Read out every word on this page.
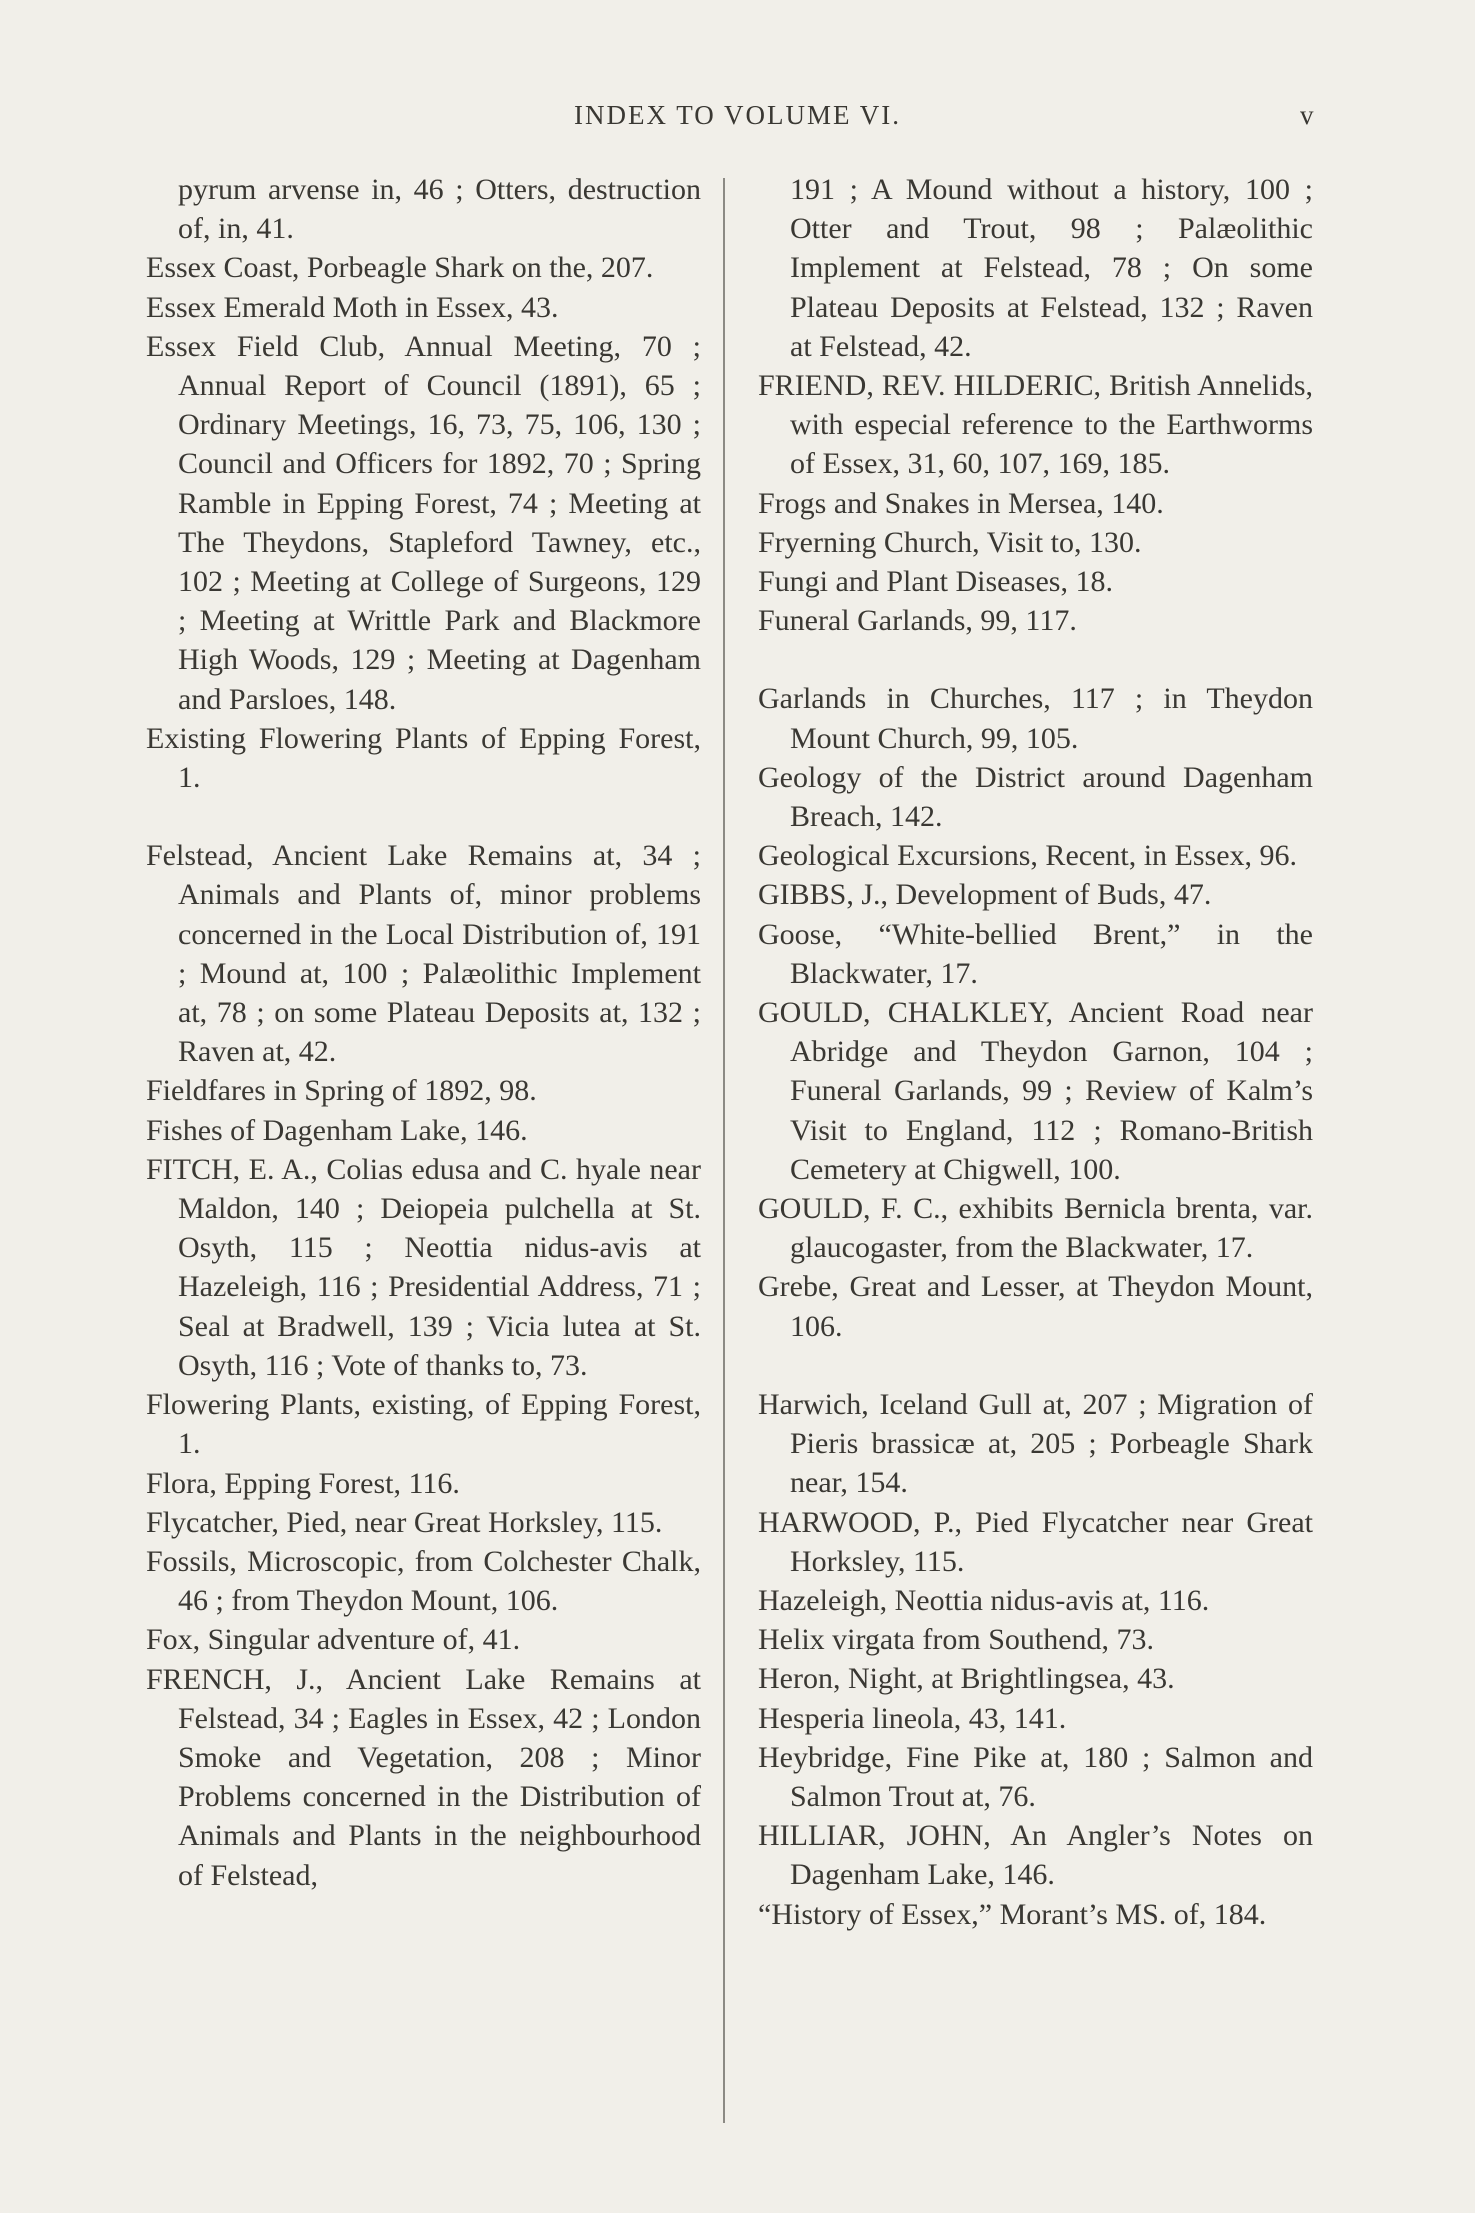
INDEX TO VOLUME VI.	v

pyrum arvense in, 46 ; Otters, destruction of, in, 41.

Essex Coast, Porbeagle Shark on the, 207.

Essex Emerald Moth in Essex, 43.

Essex Field Club, Annual Meeting, 70 ; Annual Report of Council (1891), 65 ; Ordinary Meetings, 16, 73, 75, 106, 130 ; Council and Officers for 1892, 70 ; Spring Ramble in Epping Forest, 74 ; Meeting at The Theydons, Stapleford Tawney, etc., 102 ; Meeting at College of Surgeons, 129 ; Meeting at Writtle Park and Blackmore High Woods, 129 ; Meeting at Dagenham and Parsloes, 148.

Existing Flowering Plants of Epping Forest, 1.

Felstead, Ancient Lake Remains at, 34 ; Animals and Plants of, minor problems concerned in the Local Distribution of, 191 ; Mound at, 100 ; Palæolithic Implement at, 78 ; on some Plateau Deposits at, 132 ; Raven at, 42.

Fieldfares in Spring of 1892, 98.

Fishes of Dagenham Lake, 146.

FITCH, E. A., Colias edusa and C. hyale near Maldon, 140 ; Deiopeia pulchella at St. Osyth, 115 ; Neottia nidus-avis at Hazeleigh, 116 ; Presidential Address, 71 ; Seal at Bradwell, 139 ; Vicia lutea at St. Osyth, 116 ; Vote of thanks to, 73.

Flowering Plants, existing, of Epping Forest, 1.

Flora, Epping Forest, 116.

Flycatcher, Pied, near Great Horksley, 115.

Fossils, Microscopic, from Colchester Chalk, 46 ; from Theydon Mount, 106.

Fox, Singular adventure of, 41.

FRENCH, J., Ancient Lake Remains at Felstead, 34 ; Eagles in Essex, 42 ; London Smoke and Vegetation, 208 ; Minor Problems concerned in the Distribution of Animals and Plants in the neighbourhood of Felstead,

191 ; A Mound without a history, 100 ; Otter and Trout, 98 ; Palæolithic Implement at Felstead, 78 ; On some Plateau Deposits at Felstead, 132 ; Raven at Felstead, 42.

FRIEND, REV. HILDERIC, British Annelids, with especial reference to the Earthworms of Essex, 31, 60, 107, 169, 185.

Frogs and Snakes in Mersea, 140.

Fryerning Church, Visit to, 130.

Fungi and Plant Diseases, 18.

Funeral Garlands, 99, 117.

Garlands in Churches, 117 ; in Theydon Mount Church, 99, 105.

Geology of the District around Dagenham Breach, 142.

Geological Excursions, Recent, in Essex, 96.

GIBBS, J., Development of Buds, 47.

Goose, “White-bellied Brent,” in the Blackwater, 17.

GOULD, CHALKLEY, Ancient Road near Abridge and Theydon Garnon, 104 ; Funeral Garlands, 99 ; Review of Kalm’s Visit to England, 112 ; Romano-British Cemetery at Chigwell, 100.

GOULD, F. C., exhibits Bernicla brenta, var. glaucogaster, from the Blackwater, 17.

Grebe, Great and Lesser, at Theydon Mount, 106.

Harwich, Iceland Gull at, 207 ; Migration of Pieris brassicæ at, 205 ; Porbeagle Shark near, 154.

HARWOOD, P., Pied Flycatcher near Great Horksley, 115.

Hazeleigh, Neottia nidus-avis at, 116.

Helix virgata from Southend, 73.

Heron, Night, at Brightlingsea, 43.

Hesperia lineola, 43, 141.

Heybridge, Fine Pike at, 180 ; Salmon and Salmon Trout at, 76.

HILLIAR, JOHN, An Angler’s Notes on Dagenham Lake, 146.

“History of Essex,” Morant’s MS. of, 184.
